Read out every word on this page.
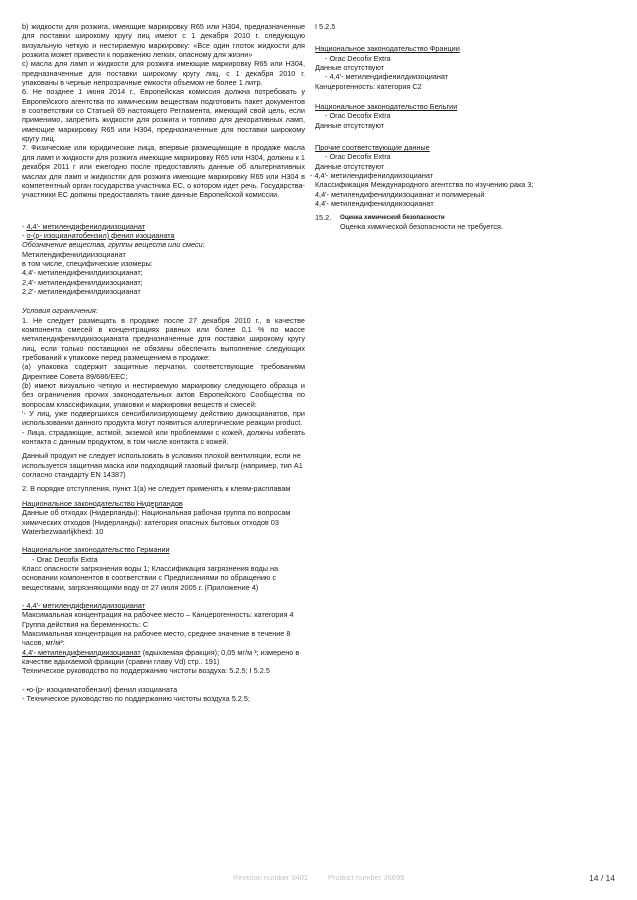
b) жидкости для розжига, имеющие маркировку R65 или H304, предназначенные для поставки широкому кругу лиц имеют с 1 декабря 2010 г. следующую визуальную четкую и нестираемую маркировку: «Все один глоток жидкости для розжига может привести к поражению легких, опасному для жизни»

c) масла для ламп и жидкости для розжига имеющие маркировку R65 или H304, предназначенные для поставки широкому кругу лиц, с 1 декабря 2010 г. упакованы в черные непрозрачные емкости объемом не более 1 литр.

6. Не позднее 1 июня 2014 г., Европейская комиссия должна потребовать у Европейского агентства по химическим веществам подготовить пакет документов в соответствии со Статьей 69 настоящего Регламента, имеющий свой цель, если применимо, запретить жидкости для розжига и топливо для декоративных ламп, имеющие маркировку R65 или H304, предназначенные для поставки широкому кругу лиц.

7. Физические или юридические лица, впервые размещающие в продаже масла для ламп и жидкости для розжига имеющие маркировку R65 или H304, должны к 1 декабря 2011 г или ежегодно после предоставлять данные об альтернативных маслах для ламп и жидкостях для розжига имеющие маркировку R65 или H304 в компетентный орган государства участника ЕС, о котором идет речь. Государства-участники ЕС должны предоставлять такие данные Европейской комиссии.

- 4,4'- метилендифенилдиизоцианат

- o-(p- изоцианатобензил) фенил изоцианата

Обозначение вещества, группы веществ или смеси:

Метилендифенилдиизоцианат

в том числе, специфические изомеры:

4,4'- метилендифенилдиизоцианат;

2,4'- метилендифенилдиизоцианат;

2,2'- метилендифенилдиизоцианат

Условия ограничения:

1. Не следует размещать в продаже после 27 декабря 2010 г., в качестве компонента смесей в концентрациях равных или более 0,1 % по массе метилендифенилдиизоцианата предназначенные для поставки широкому кругу лиц, если только поставщики не обязаны обеспечить выполнение следующих требований к упаковке перед размещением в продаже:

(a) упаковка содержит защитные перчатки, соответствующие требованиям Директиве Совета 89/686/EEC;

(b) имеют визуально четкую и нестираемую маркировку следующего образца и без ограничения прочих законодательных актов Европейского Сообщества по вопросам классификации, упаковки и маркировки веществ и смесей:

'- У лиц, уже подвергшихся сенсибилизирующему действию диизоцианатов, при использовании данного продукта могут появиться аллергические реакции product.

- Лица, страдающие, астмой, экземой или проблемами с кожей, должны избегать контакта с данным продуктом, в том числе контакта с кожей.

Данный продукт не следует использовать в условиях плохой вентиляции, если не используется защитная маска или подходящий газовый фильтр (например, тип A1 согласно стандарту EN 14387)

2. В порядке отступления, пункт 1(a) не следует применять к клеям-расплавам

Национальное законодательство Нидерландов

Данные об отходах (Нидерланды): Национальная рабочая группа по вопросам химических отходов (Нидерланды): категория опасных бытовых отходов 03 Waterbezwaarlijkheid: 10

Национальное законодательство Германии

- Orac Decofix Extra

Класс опасности загрязнения воды 1; Классификация загрязнения воды на основании компонентов в соответствии с Предписаниями по обращению с веществами, загрязняющими воду от 27 июля 2005 г. (Приложение 4)

- 4,4'- метилендифенилдиизоцианат

Максимальная концентрация на рабочее место – Канцерогенность: категория 4 Группа действия на беременность: C

Максимальная концентрация на рабочее место, среднее значение в течение 8 часов, мг/м³:

4,4'- метилендифенилдиизоцианат (вдыхаемая фракция); 0,05 мг/м ³; измерено в качестве вдыхаемой фракции (сравни главу Vd) стр.. 191)

Техническое руководство по поддержанию чистоты воздуха: 5.2.5; I 5.2.5

- •o-(p- изоцианатобензил) фенил изоцианата

- Техническое руководство по поддержанию чистоты воздуха 5.2.5;

I 5.2.5

Национальное законодательство Франции

- Orac Decofix Extra

Данные отсутствуют

- 4,4'- метилендифенилдиизоцианат

Канцерогенность: категория C2

Национальное законодательство Бельгии

- Orac Decofix Extra

Данные отсутствуют

Прочие соответствующие данные

- Orac Decofix Extra

Данные отсутствуют

- 4,4'- метилендифенилдиизоцианат

Классификация Международного агентства по изучению рака 3;

4,4'- метилендифенилдиизоцианат и полимерный

4,4'- метилендифенилдиизоцианат

15.2.	Оценка химической безопасности

Оценка химической безопасности не требуется.

Revision number 0401	Product number 36699	14 / 14
